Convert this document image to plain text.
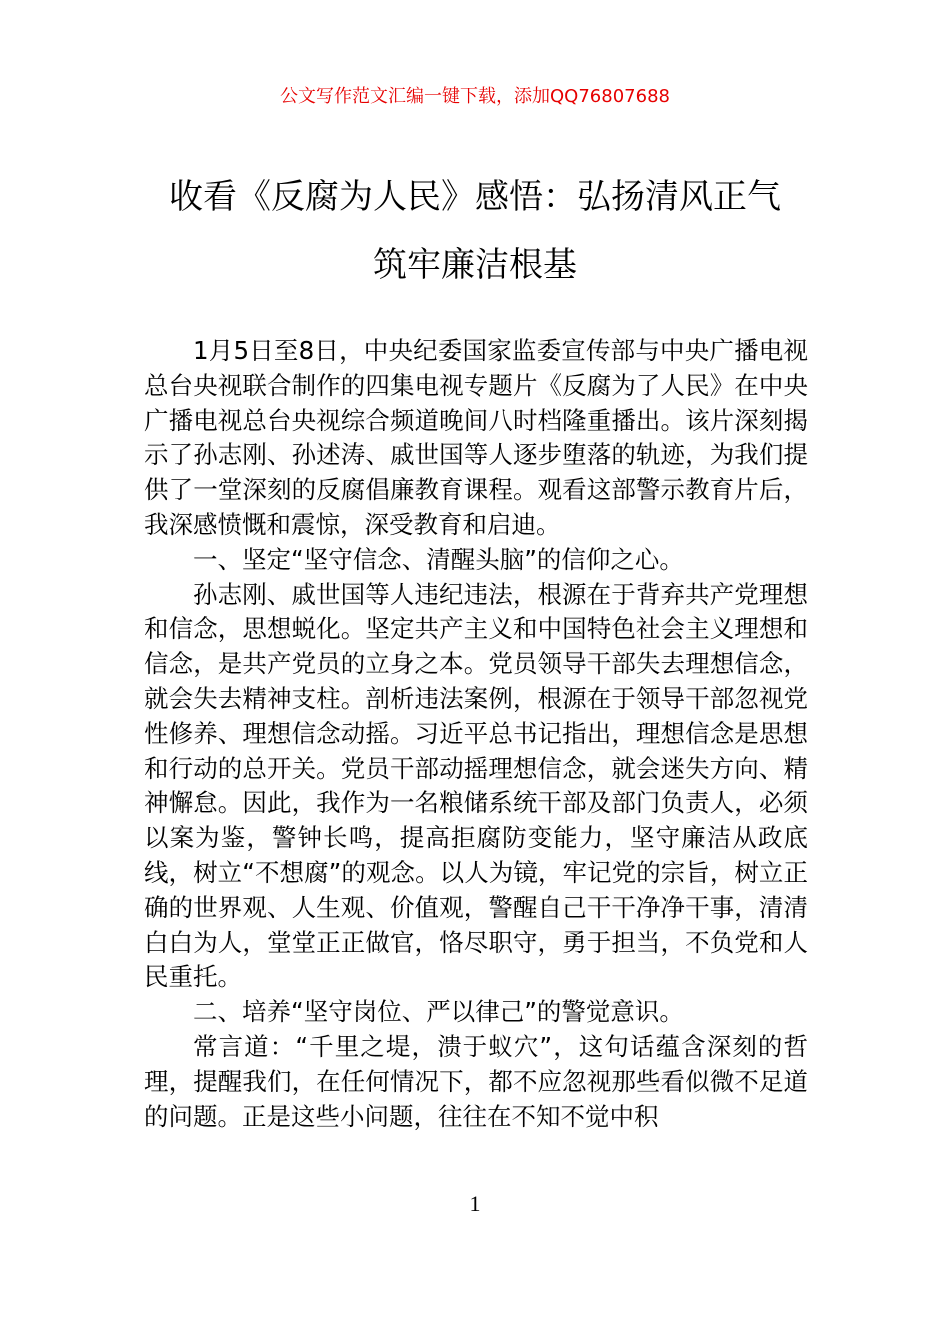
公文写作范文汇编一键下载，添加QQ76807688
收看《反腐为人民》感悟：弘扬清风正气
筑牢廉洁根基

1月5日至8日，中央纪委国家监委宣传部与中央广播电视总台央视联合制作的四集电视专题片《反腐为了人民》在中央广播电视总台央视综合频道晚间八时档隆重播出。该片深刻揭示了孙志刚、孙述涛、戚世国等人逐步堕落的轨迹，为我们提供了一堂深刻的反腐倡廉教育课程。观看这部警示教育片后，我深感愤慨和震惊，深受教育和启迪。

一、坚定“坚守信念、清醒头脑”的信仰之心。

孙志刚、戚世国等人违纪违法，根源在于背弃共产党理想和信念，思想蜕化。坚定共产主义和中国特色社会主义理想和信念，是共产党员的立身之本。党员领导干部失去理想信念，就会失去精神支柱。剖析违法案例，根源在于领导干部忽视党性修养、理想信念动摇。习近平总书记指出，理想信念是思想和行动的总开关。党员干部动摇理想信念，就会迷失方向、精神懈怠。因此，我作为一名粮储系统干部及部门负责人，必须以案为鉴，警钟长鸣，提高拒腐防变能力，坚守廉洁从政底线，树立“不想腐”的观念。以人为镜，牢记党的宗旨，树立正确的世界观、人生观、价值观，警醒自己干干净净干事，清清白白为人，堂堂正正做官，恪尽职守，勇于担当，不负党和人民重托。

二、培养“坚守岗位、严以律己”的警觉意识。

常言道：“千里之堤，溃于蚁穴”，这句话蕴含深刻的哲理，提醒我们，在任何情况下，都不应忽视那些看似微不足道的问题。正是这些小问题，往往在不知不觉中积

1
